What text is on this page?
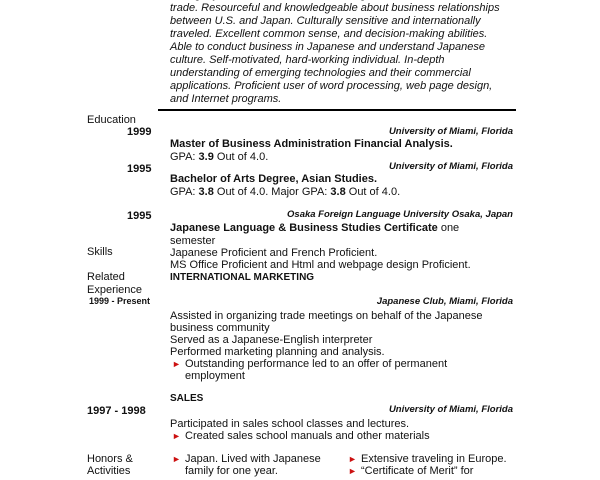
trade. Resourceful and knowledgeable about business relationships
between U.S. and Japan. Culturally sensitive and internationally
traveled. Excellent common sense, and decision-making abilities.
Able to conduct business in Japanese and understand Japanese
culture. Self-motivated, hard-working individual. In-depth
understanding of emerging technologies and their commercial
applications. Proficient user of word processing, web page design,
and Internet programs.
Education
1999	University of Miami, Florida
Master of Business Administration Financial Analysis.
GPA: 3.9 Out of 4.0.
1995	University of Miami, Florida
Bachelor of Arts Degree, Asian Studies.
GPA: 3.8 Out of 4.0. Major GPA: 3.8 Out of 4.0.
1995	Osaka Foreign Language University Osaka, Japan
Japanese Language & Business Studies Certificate one
semester
Skills	Japanese Proficient and French Proficient.
MS Office Proficient and Html and webpage design Proficient.
Related
Experience
1999 - Present
INTERNATIONAL MARKETING
Japanese Club, Miami, Florida
Assisted in organizing trade meetings on behalf of the Japanese
business community
Served as a Japanese-English interpreter
Performed marketing planning and analysis.
► Outstanding performance led to an offer of permanent
employment
SALES
1997 - 1998	University of Miami, Florida
Participated in sales school classes and lectures.
► Created sales school manuals and other materials
Honors &
Activities
► Japan. Lived with Japanese
family for one year.
► Extensive traveling in Europe.
► “Certificate of Merit” for
